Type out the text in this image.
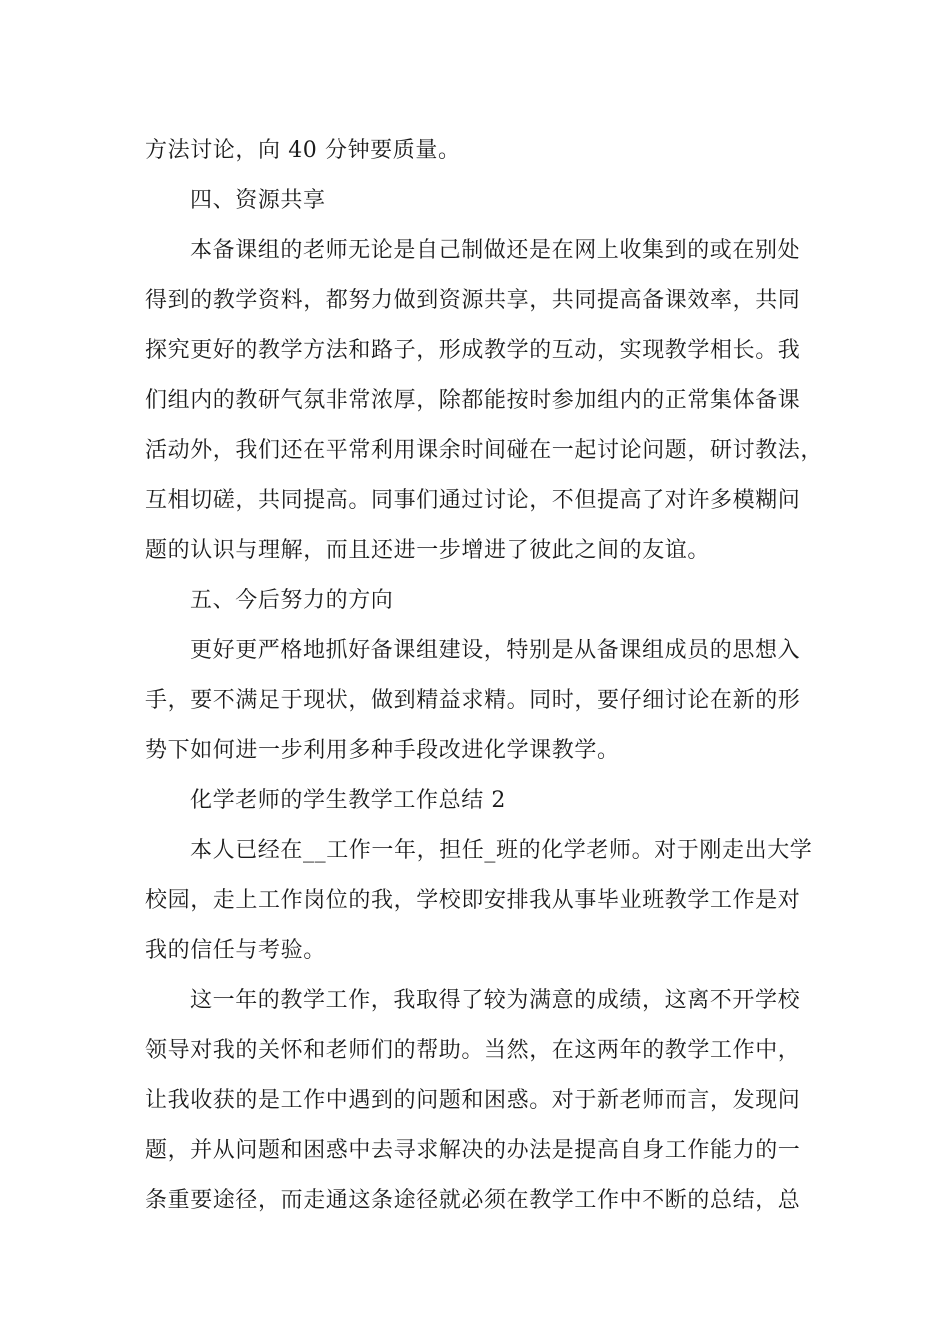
方法讨论，向 40 分钟要质量。
四、资源共享
本备课组的老师无论是自己制做还是在网上收集到的或在别处
得到的教学资料，都努力做到资源共享，共同提高备课效率，共同
探究更好的教学方法和路子，形成教学的互动，实现教学相长。我
们组内的教研气氛非常浓厚，除都能按时参加组内的正常集体备课
活动外，我们还在平常利用课余时间碰在一起讨论问题，研讨教法，
互相切磋，共同提高。同事们通过讨论，不但提高了对许多模糊问
题的认识与理解，而且还进一步增进了彼此之间的友谊。
五、今后努力的方向
更好更严格地抓好备课组建设，特别是从备课组成员的思想入
手，要不满足于现状，做到精益求精。同时，要仔细讨论在新的形
势下如何进一步利用多种手段改进化学课教学。
化学老师的学生教学工作总结 2
本人已经在__工作一年，担任_班的化学老师。对于刚走出大学
校园，走上工作岗位的我，学校即安排我从事毕业班教学工作是对
我的信任与考验。
这一年的教学工作，我取得了较为满意的成绩，这离不开学校
领导对我的关怀和老师们的帮助。当然，在这两年的教学工作中，
让我收获的是工作中遇到的问题和困惑。对于新老师而言，发现问
题，并从问题和困惑中去寻求解决的办法是提高自身工作能力的一
条重要途径，而走通这条途径就必须在教学工作中不断的总结，总
